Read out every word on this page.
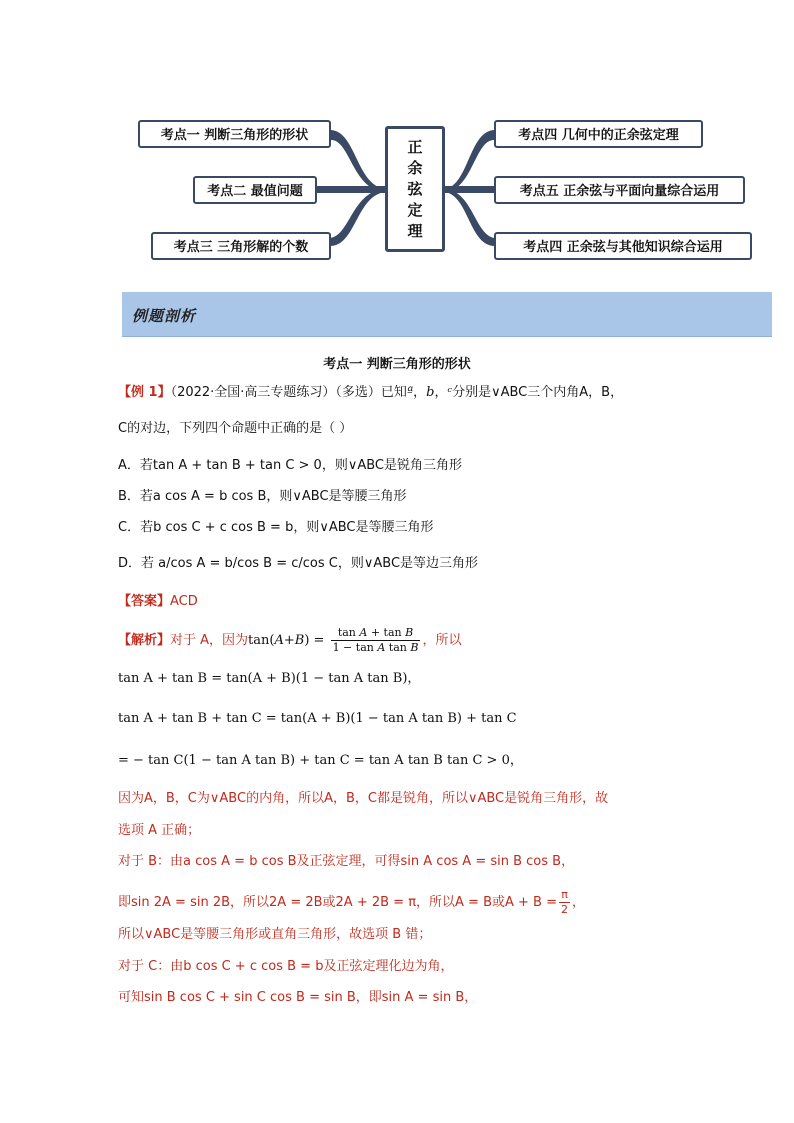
考点一 判断三角形的形状
考点二 最值问题
考点三 三角形解的个数
正
余
弦
定
理
考点四 几何中的正余弦定理
考点五 正余弦与平面向量综合运用
考点四 正余弦与其他知识综合运用
例题剖析
考点一 判断三角形的形状
【例 1】（2022·全国·高三专题练习）（多选）已知ª，b，ᶜ分别是∨ABC三个内角A，B，
C的对边，下列四个命题中正确的是（ ）
A．若tan A + tan B + tan C > 0，则∨ABC是锐角三角形
B．若a cos A = b cos B，则∨ABC是等腰三角形
C．若b cos C + c cos B = b，则∨ABC是等腰三角形
D．若 a/cos A = b/cos B = c/cos C，则∨ABC是等边三角形
【答案】ACD
【解析】对于 A，因为$\tan(A+B) = \frac{\text{tan A + tan B}}{\text{1 − tan A tan B}}$ ，所以
tan A + tan B = tan(A + B)(1 − tan A tan B)，
tan A + tan B + tan C = tan(A + B)(1 − tan A tan B) + tan C
= − tan C(1 − tan A tan B) + tan C = tan A tan B tan C > 0，
因为A，B，C为∨ABC的内角，所以A，B，C都是锐角，所以∨ABC是锐角三角形，故
选项 A 正确；
对于 B：由a cos A = b cos B及正弦定理，可得sin A cos A = sin B cos B，
即sin 2A = sin 2B，所以2A = 2B或2A + 2B = π，所以A = B或$A + B = \frac{\pi}{2}$ ，
所以∨ABC是等腰三角形或直角三角形，故选项 B 错；
对于 C：由b cos C + c cos B = b及正弦定理化边为角，
可知sin B cos C + sin C cos B = sin B，即sin A = sin B，
